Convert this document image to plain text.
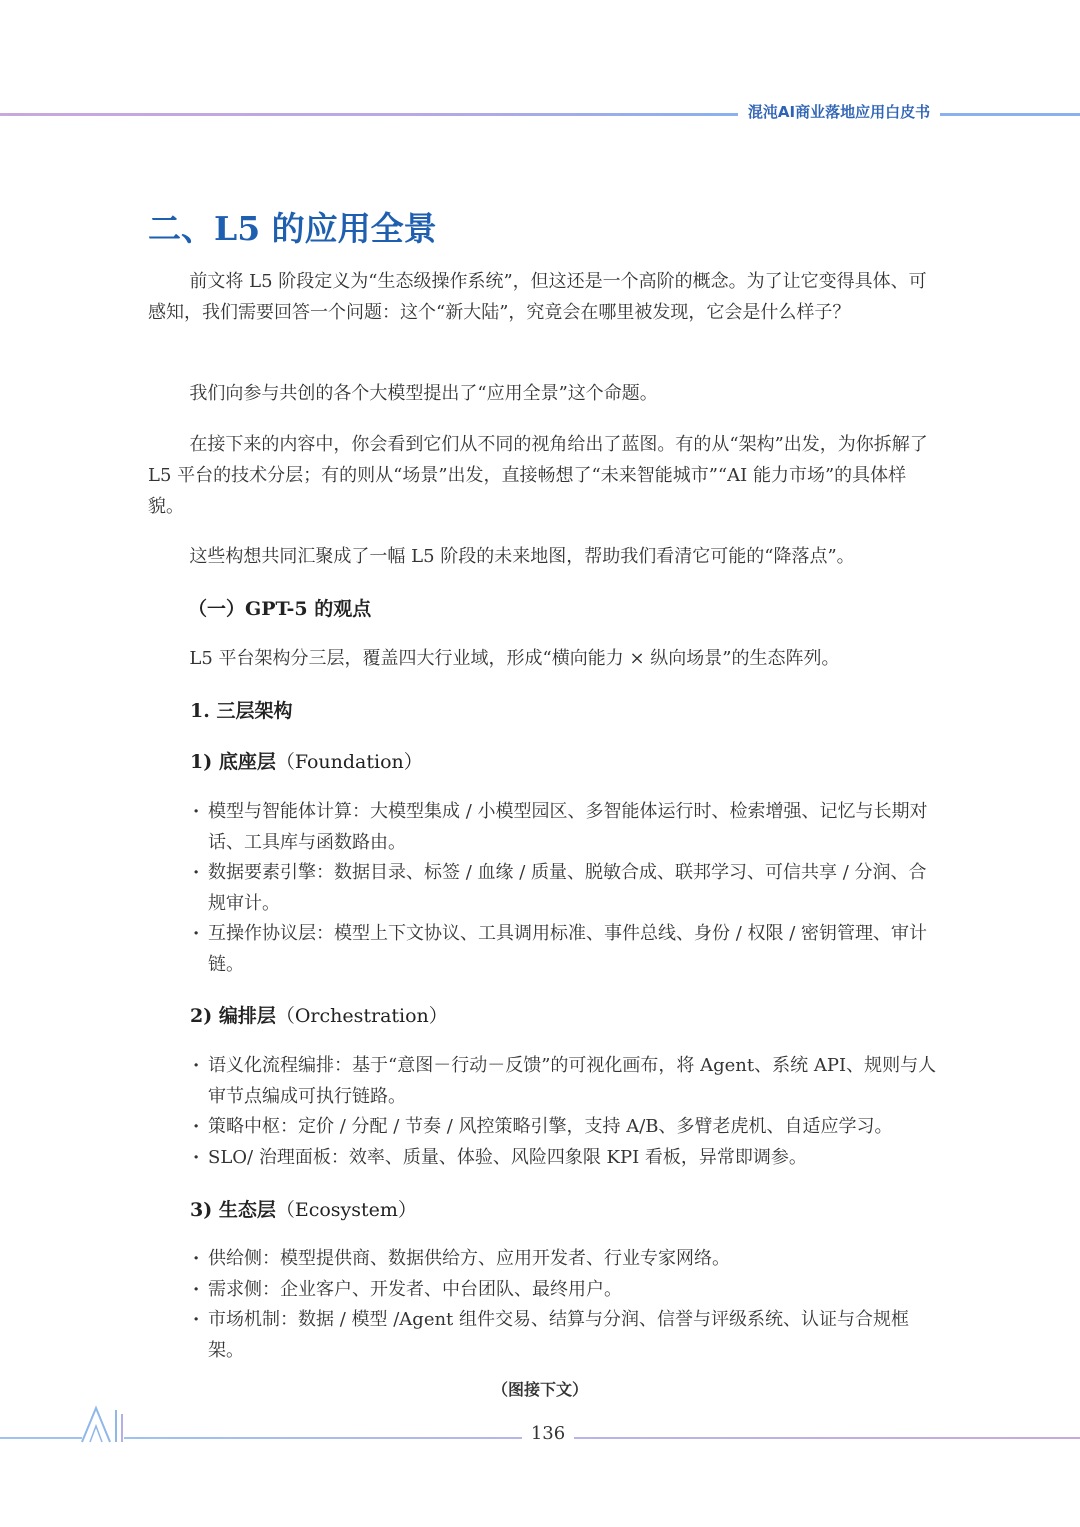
混沌AI商业落地应用白皮书
二、L5 的应用全景

前文将 L5 阶段定义为“生态级操作系统”，但这还是一个高阶的概念。为了让它变得具体、可感知，我们需要回答一个问题：这个“新大陆”，究竟会在哪里被发现，它会是什么样子？

我们向参与共创的各个大模型提出了“应用全景”这个命题。

在接下来的内容中，你会看到它们从不同的视角给出了蓝图。有的从“架构”出发，为你拆解了 L5 平台的技术分层；有的则从“场景”出发，直接畅想了“未来智能城市”“AI 能力市场”的具体样貌。

这些构想共同汇聚成了一幅 L5 阶段的未来地图，帮助我们看清它可能的“降落点”。

（一）GPT-5 的观点

L5 平台架构分三层，覆盖四大行业域，形成“横向能力 × 纵向场景”的生态阵列。

1. 三层架构
1) 底座层（Foundation）
· 模型与智能体计算：大模型集成 / 小模型园区、多智能体运行时、检索增强、记忆与长期对话、工具库与函数路由。
· 数据要素引擎：数据目录、标签 / 血缘 / 质量、脱敏合成、联邦学习、可信共享 / 分润、合规审计。
· 互操作协议层：模型上下文协议、工具调用标准、事件总线、身份 / 权限 / 密钥管理、审计链。
2) 编排层（Orchestration）
· 语义化流程编排：基于“意图－行动－反馈”的可视化画布，将 Agent、系统 API、规则与人审节点编成可执行链路。
· 策略中枢：定价 / 分配 / 节奏 / 风控策略引擎，支持 A/B、多臂老虎机、自适应学习。
· SLO/ 治理面板：效率、质量、体验、风险四象限 KPI 看板，异常即调参。
3) 生态层（Ecosystem）
· 供给侧：模型提供商、数据供给方、应用开发者、行业专家网络。
· 需求侧：企业客户、开发者、中台团队、最终用户。
· 市场机制：数据 / 模型 /Agent 组件交易、结算与分润、信誉与评级系统、认证与合规框架。
（图接下文）
136
